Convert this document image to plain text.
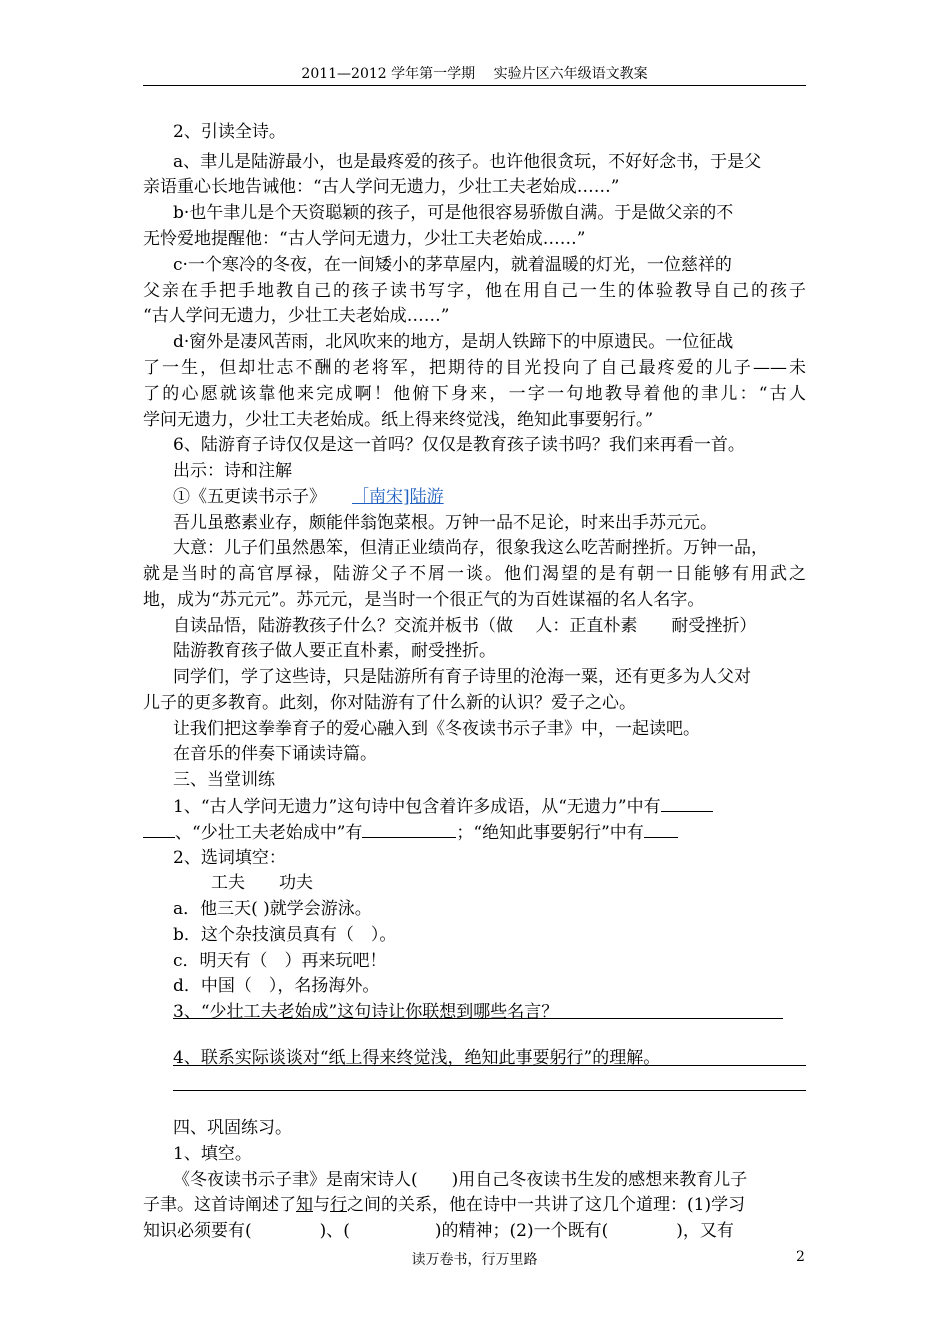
2011—2012 学年第一学期　 实验片区六年级语文教案
2、引读全诗。
a、聿儿是陆游最小，也是最疼爱的孩子。也许他很贪玩，不好好念书，于是父
亲语重心长地告诫他：“古人学问无遗力，少壮工夫老始成……”
b·也午聿儿是个天资聪颖的孩子，可是他很容易骄傲自满。于是做父亲的不
无怜爱地提醒他：“古人学问无遗力，少壮工夫老始成……”
c·一个寒冷的冬夜，在一间矮小的茅草屋内，就着温暖的灯光，一位慈祥的
父亲在手把手地教自己的孩子读书写字，他在用自己一生的体验教导自己的孩子
“古人学问无遗力，少壮工夫老始成……”
d·窗外是凄风苦雨，北风吹来的地方，是胡人铁蹄下的中原遗民。一位征战
了一生，但却壮志不酬的老将军，把期待的目光投向了自己最疼爱的儿子——未
了的心愿就该靠他来完成啊！他俯下身来，一字一句地教导着他的聿儿：“古人
学问无遗力，少壮工夫老始成。纸上得来终觉浅，绝知此事要躬行。”
6、陆游育子诗仅仅是这一首吗？仅仅是教育孩子读书吗？我们来再看一首。
出示：诗和注解
①《五更读书示子》 ［南宋]陆游
吾儿虽憨素业存，颇能伴翁饱菜根。万钟一品不足论，时来出手苏元元。
大意：儿子们虽然愚笨，但清正业绩尚存，很象我这么吃苦耐挫折。万钟一品，
就是当时的高官厚禄，陆游父子不屑一谈。他们渴望的是有朝一日能够有用武之
地，成为“苏元元”。苏元元，是当时一个很正气的为百姓谋福的名人名字。
自读品悟，陆游教孩子什么？交流并板书（做　 人：正直朴素　　耐受挫折）
陆游教育孩子做人要正直朴素，耐受挫折。
同学们，学了这些诗，只是陆游所有育子诗里的沧海一粟，还有更多为人父对
儿子的更多教育。此刻，你对陆游有了什么新的认识？爱子之心。
让我们把这拳拳育子的爱心融入到《冬夜读书示子聿》中，一起读吧。
在音乐的伴奏下诵读诗篇。
三、当堂训练
1、“古人学问无遗力”这句诗中包含着许多成语，从“无遗力”中有
、“少壮工夫老始成中”有	；“绝知此事要躬行”中有
2、选词填空：
工夫　　功夫
a．他三天( )就学会游泳。
b．这个杂技演员真有（　）。
c．明天有（　）再来玩吧！
d．中国（　），名扬海外。
3、“少壮工夫老始成”这句诗让你联想到哪些名言？
4、联系实际谈谈对“纸上得来终觉浅，绝知此事要躬行”的理解。
四、巩固练习。
1、填空。
《冬夜读书示子聿》是南宋诗人(　　)用自己冬夜读书生发的感想来教育儿子
子聿。这首诗阐述了知与行之间的关系，他在诗中一共讲了这几个道理：(1)学习
知识必须要有(　　　　)、(　　　　　)的精神；(2)一个既有(　　　　)，又有
读万卷书，行万里路	2
